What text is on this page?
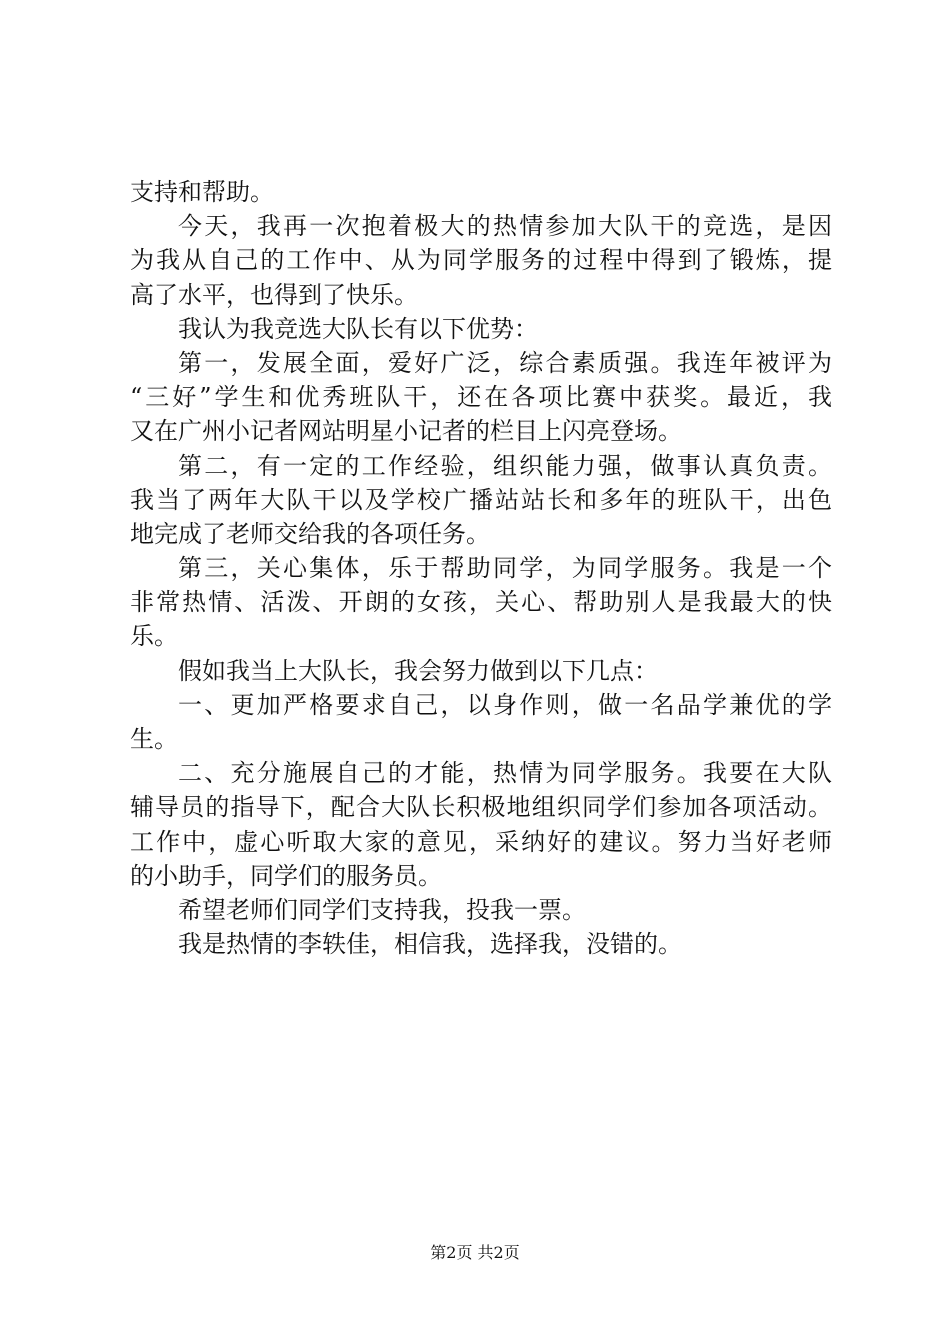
支持和帮助。
今天，我再一次抱着极大的热情参加大队干的竞选，是因
为我从自己的工作中、从为同学服务的过程中得到了锻炼，提
高了水平，也得到了快乐。
我认为我竞选大队长有以下优势：
第一，发展全面，爱好广泛，综合素质强。我连年被评为
“三好”学生和优秀班队干，还在各项比赛中获奖。最近，我
又在广州小记者网站明星小记者的栏目上闪亮登场。
第二，有一定的工作经验，组织能力强，做事认真负责。
我当了两年大队干以及学校广播站站长和多年的班队干，出色
地完成了老师交给我的各项任务。
第三，关心集体，乐于帮助同学，为同学服务。我是一个
非常热情、活泼、开朗的女孩，关心、帮助别人是我最大的快
乐。
假如我当上大队长，我会努力做到以下几点：
一、更加严格要求自己，以身作则，做一名品学兼优的学
生。
二、充分施展自己的才能，热情为同学服务。我要在大队
辅导员的指导下，配合大队长积极地组织同学们参加各项活动。
工作中，虚心听取大家的意见，采纳好的建议。努力当好老师
的小助手，同学们的服务员。
希望老师们同学们支持我，投我一票。
我是热情的李轶佳，相信我，选择我，没错的。
第2页 共2页
